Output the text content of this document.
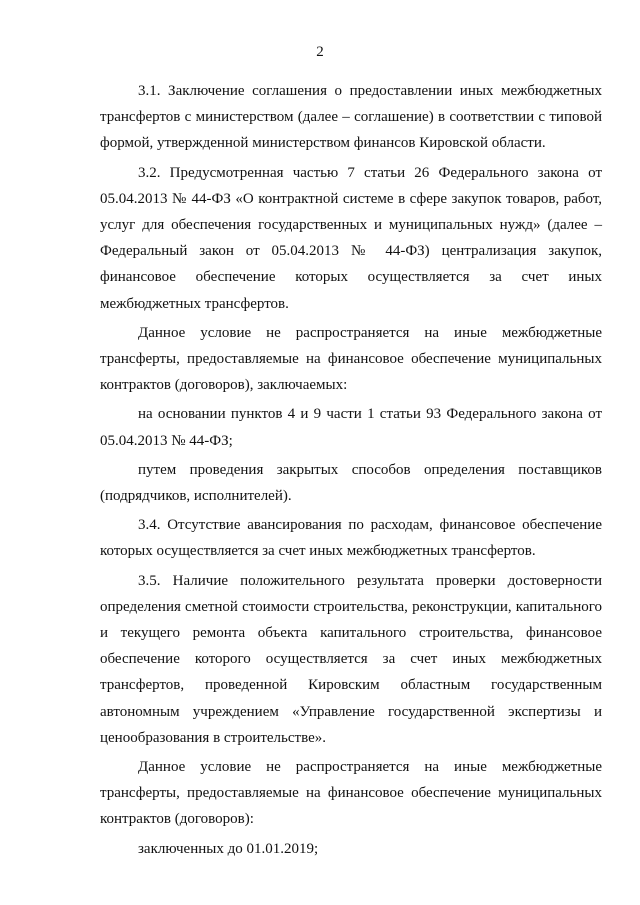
2

3.1. Заключение соглашения о предоставлении иных межбюджетных трансфертов с министерством (далее – соглашение) в соответствии с типовой формой, утвержденной министерством финансов Кировской области.

3.2. Предусмотренная частью 7 статьи 26 Федерального закона от 05.04.2013 № 44-ФЗ «О контрактной системе в сфере закупок товаров, работ, услуг для обеспечения государственных и муниципальных нужд» (далее – Федеральный закон от 05.04.2013 № 44-ФЗ) централизация закупок, финансовое обеспечение которых осуществляется за счет иных межбюджетных трансфертов.

Данное условие не распространяется на иные межбюджетные трансферты, предоставляемые на финансовое обеспечение муниципальных контрактов (договоров), заключаемых:

на основании пунктов 4 и 9 части 1 статьи 93 Федерального закона от 05.04.2013 № 44-ФЗ;

путем проведения закрытых способов определения поставщиков (подрядчиков, исполнителей).

3.4. Отсутствие авансирования по расходам, финансовое обеспечение которых осуществляется за счет иных межбюджетных трансфертов.

3.5. Наличие положительного результата проверки достоверности определения сметной стоимости строительства, реконструкции, капитального и текущего ремонта объекта капитального строительства, финансовое обеспечение которого осуществляется за счет иных межбюджетных трансфертов, проведенной Кировским областным государственным автономным учреждением «Управление государственной экспертизы и ценообразования в строительстве».

Данное условие не распространяется на иные межбюджетные трансферты, предоставляемые на финансовое обеспечение муниципальных контрактов (договоров):

заключенных до 01.01.2019;
